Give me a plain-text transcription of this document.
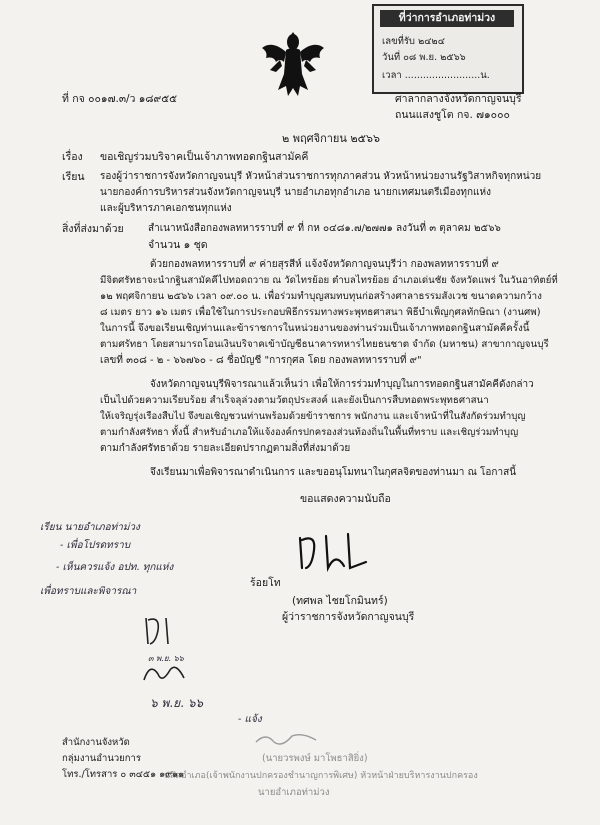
ที่ว่าการอำเภอท่าม่วง
เลขที่รับ ๒๔๒๔
วันที่ ๐๘ พ.ย. ๒๕๖๖
เวลา .........................น.
ที่ กจ ๐๐๑๗.๓/ว ๑๘๙๕๕	ศาลากลางจังหวัดกาญจนบุรี
ถนนแสงชูโต กจ. ๗๑๐๐๐
๒ พฤศจิกายน ๒๕๖๖
เรื่อง ขอเชิญร่วมบริจาคเป็นเจ้าภาพทอดกฐินสามัคคี
เรียน รองผู้ว่าราชการจังหวัดกาญจนบุรี หัวหน้าส่วนราชการทุกภาคส่วน หัวหน้าหน่วยงานรัฐวิสาหกิจทุกหน่วย
นายกองค์การบริหารส่วนจังหวัดกาญจนบุรี นายอำเภอทุกอำเภอ นายกเทศมนตรีเมืองทุกแห่ง
และผู้บริหารภาคเอกชนทุกแห่ง
สิ่งที่ส่งมาด้วย สำเนาหนังสือกองพลทหารราบที่ ๙ ที่ กห ๐๔๘๑.๗/๒๗๗๑ ลงวันที่ ๓ ตุลาคม ๒๕๖๖
จำนวน ๑ ชุด
ด้วยกองพลทหารราบที่ ๙ ค่ายสุรสีห์ แจ้งจังหวัดกาญจนบุรีว่า กองพลทหารราบที่ ๙
มีจิตศรัทธาจะนำกฐินสามัคคีไปทอดถวาย ณ วัดไทรย้อย ตำบลไทรย้อย อำเภอเด่นชัย จังหวัดแพร่ ในวันอาทิตย์ที่
๑๒ พฤศจิกายน ๒๕๖๖ เวลา ๐๙.๐๐ น. เพื่อร่วมทำบุญสมทบทุนก่อสร้างศาลาธรรมสังเวช ขนาดความกว้าง
๘ เมตร ยาว ๑๖ เมตร เพื่อใช้ในการประกอบพิธีกรรมทางพระพุทธศาสนา พิธีบำเพ็ญกุศลทักษิณา (งานศพ)
ในการนี้ จึงขอเรียนเชิญท่านและข้าราชการในหน่วยงานของท่านร่วมเป็นเจ้าภาพทอดกฐินสามัคคีครั้งนี้
ตามศรัทธา โดยสามารถโอนเงินบริจาคเข้าบัญชีธนาคารทหารไทยธนชาต จำกัด (มหาชน) สาขากาญจนบุรี
เลขที่ ๓๐๘ - ๒ - ๖๖๗๖๐ - ๘ ชื่อบัญชี "การกุศล โดย กองพลทหารราบที่ ๙"
จังหวัดกาญจนบุรีพิจารณาแล้วเห็นว่า เพื่อให้การร่วมทำบุญในการทอดกฐินสามัคคีดังกล่าว
เป็นไปด้วยความเรียบร้อย สำเร็จลุล่วงตามวัตถุประสงค์ และยังเป็นการสืบทอดพระพุทธศาสนา
ให้เจริญรุ่งเรืองสืบไป จึงขอเชิญชวนท่านพร้อมด้วยข้าราชการ พนักงาน และเจ้าหน้าที่ในสังกัดร่วมทำบุญ
ตามกำลังศรัทธา ทั้งนี้ สำหรับอำเภอให้แจ้งองค์กรปกครองส่วนท้องถิ่นในพื้นที่ทราบ และเชิญร่วมทำบุญ
ตามกำลังศรัทธาด้วย รายละเอียดปรากฏตามสิ่งที่ส่งมาด้วย
จึงเรียนมาเพื่อพิจารณาดำเนินการ และขออนุโมทนาในกุศลจิตของท่านมา ณ โอกาสนี้
ขอแสดงความนับถือ
ร้อยโท
(ทศพล ไชยโกมินทร์)
ผู้ว่าราชการจังหวัดกาญจนบุรี
เรียน นายอำเภอท่าม่วง
- เพื่อโปรดทราบ
- เห็นควรแจ้ง อปท. ทุกแห่ง
เพื่อทราบและพิจารณา
๓ พ.ย. ๖๖
๖ พ.ย. ๖๖
- แจ้ง
(นายวรพงษ์ มาโพธาสิยิ่ง)
ปลัดอำเภอ(เจ้าพนักงานปกครองชำนาญการพิเศษ) หัวหน้าฝ่ายบริหารงานปกครอง
นายอำเภอท่าม่วง
สำนักงานจังหวัด
กลุ่มงานอำนวยการ
โทร./โทรสาร ๐ ๓๔๕๑ ๑๙๑๑
